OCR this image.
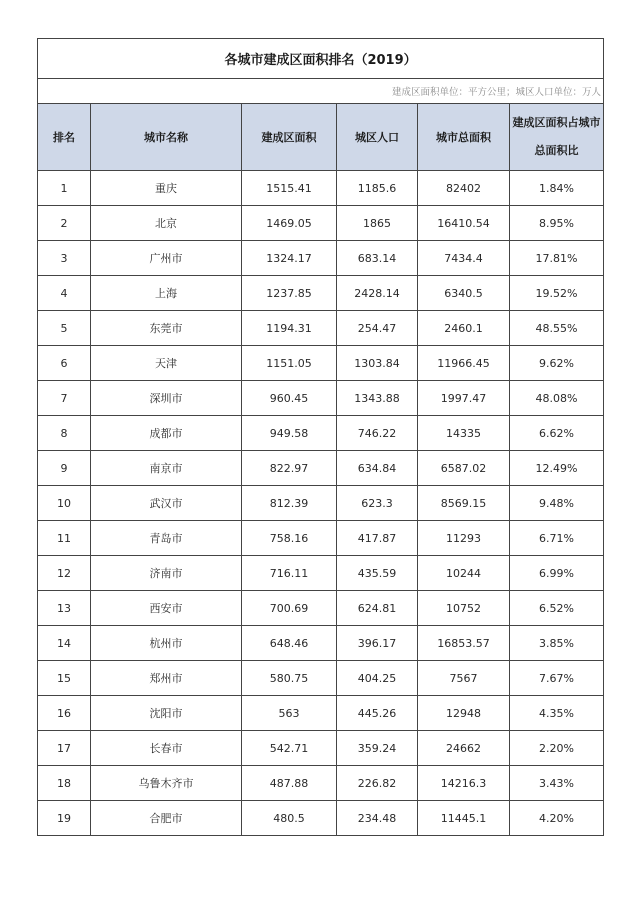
各城市建成区面积排名（2019）					
建成区面积单位：平方公里；城区人口单位：万人					
排名	城市名称	建成区面积	城区人口	城市总面积	建成区面积占城市总面积比
1	重庆	1515.41	1185.6	82402	1.84%
2	北京	1469.05	1865	16410.54	8.95%
3	广州市	1324.17	683.14	7434.4	17.81%
4	上海	1237.85	2428.14	6340.5	19.52%
5	东莞市	1194.31	254.47	2460.1	48.55%
6	天津	1151.05	1303.84	11966.45	9.62%
7	深圳市	960.45	1343.88	1997.47	48.08%
8	成都市	949.58	746.22	14335	6.62%
9	南京市	822.97	634.84	6587.02	12.49%
10	武汉市	812.39	623.3	8569.15	9.48%
11	青岛市	758.16	417.87	11293	6.71%
12	济南市	716.11	435.59	10244	6.99%
13	西安市	700.69	624.81	10752	6.52%
14	杭州市	648.46	396.17	16853.57	3.85%
15	郑州市	580.75	404.25	7567	7.67%
16	沈阳市	563	445.26	12948	4.35%
17	长春市	542.71	359.24	24662	2.20%
18	乌鲁木齐市	487.88	226.82	14216.3	3.43%
19	合肥市	480.5	234.48	11445.1	4.20%
